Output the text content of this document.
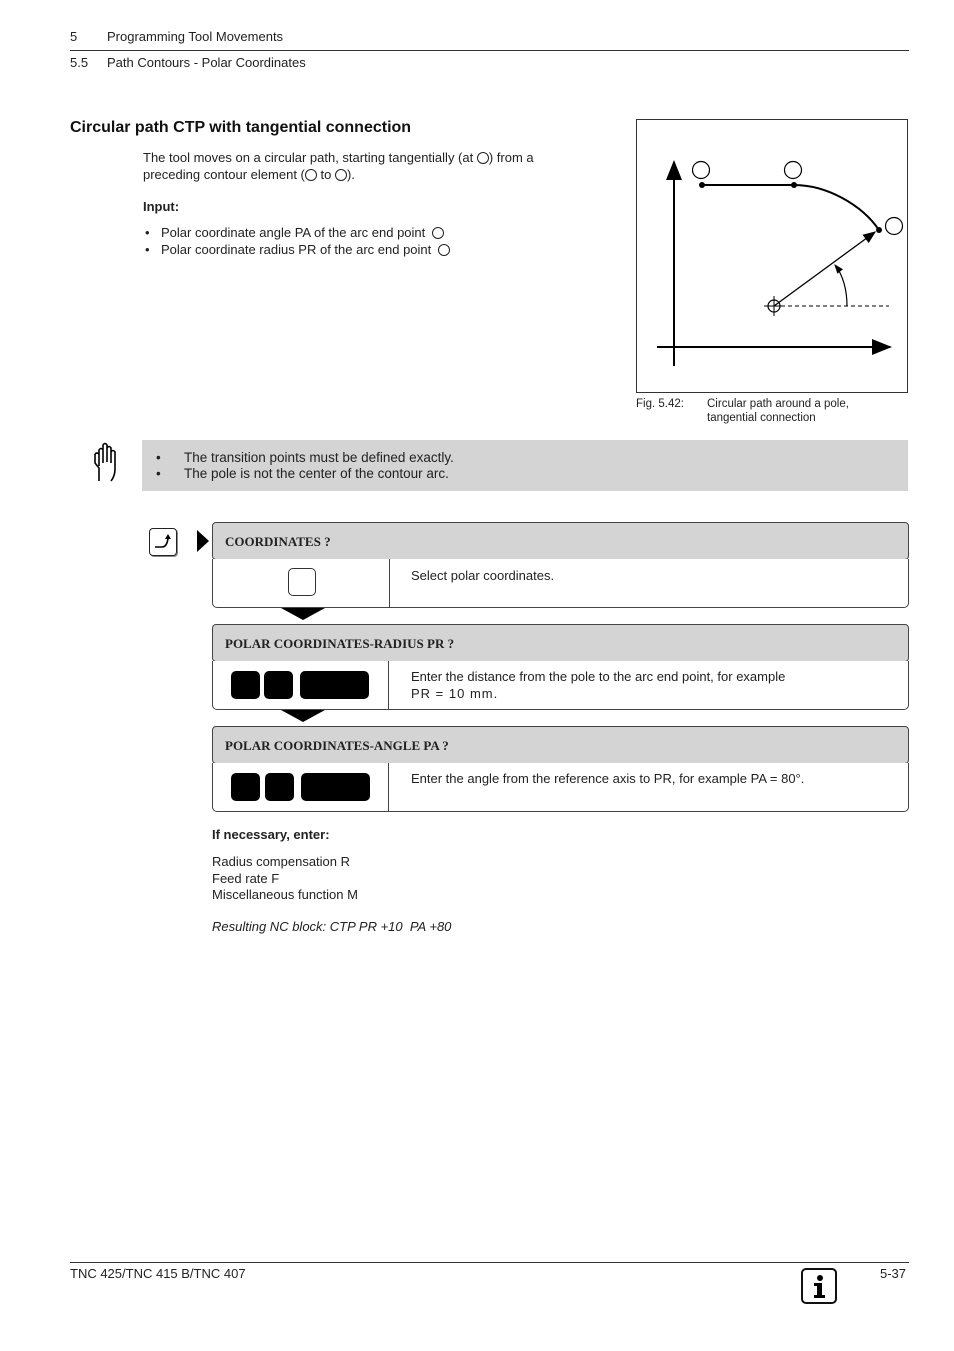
5 Programming Tool Movements
5.5 Path Contours - Polar Coordinates
Circular path CTP with tangential connection
The tool moves on a circular path, starting tangentially (at ) from a
preceding contour element ( to ).
Input:
• Polar coordinate angle PA of the arc end point
• Polar coordinate radius PR of the arc end point
Fig. 5.42: Circular path around a pole,
tangential connection
• The transition points must be defined exactly.
• The pole is not the center of the contour arc.
COORDINATES ?
Select polar coordinates.
POLAR COORDINATES-RADIUS PR ?
Enter the distance from the pole to the arc end point, for example
PR = 10 mm.
POLAR COORDINATES-ANGLE PA ?
Enter the angle from the reference axis to PR, for example PA = 80°.
If necessary, enter:
Radius compensation R
Feed rate F
Miscellaneous function M
Resulting NC block: CTP PR +10  PA +80
TNC 425/TNC 415 B/TNC 407	5-37
